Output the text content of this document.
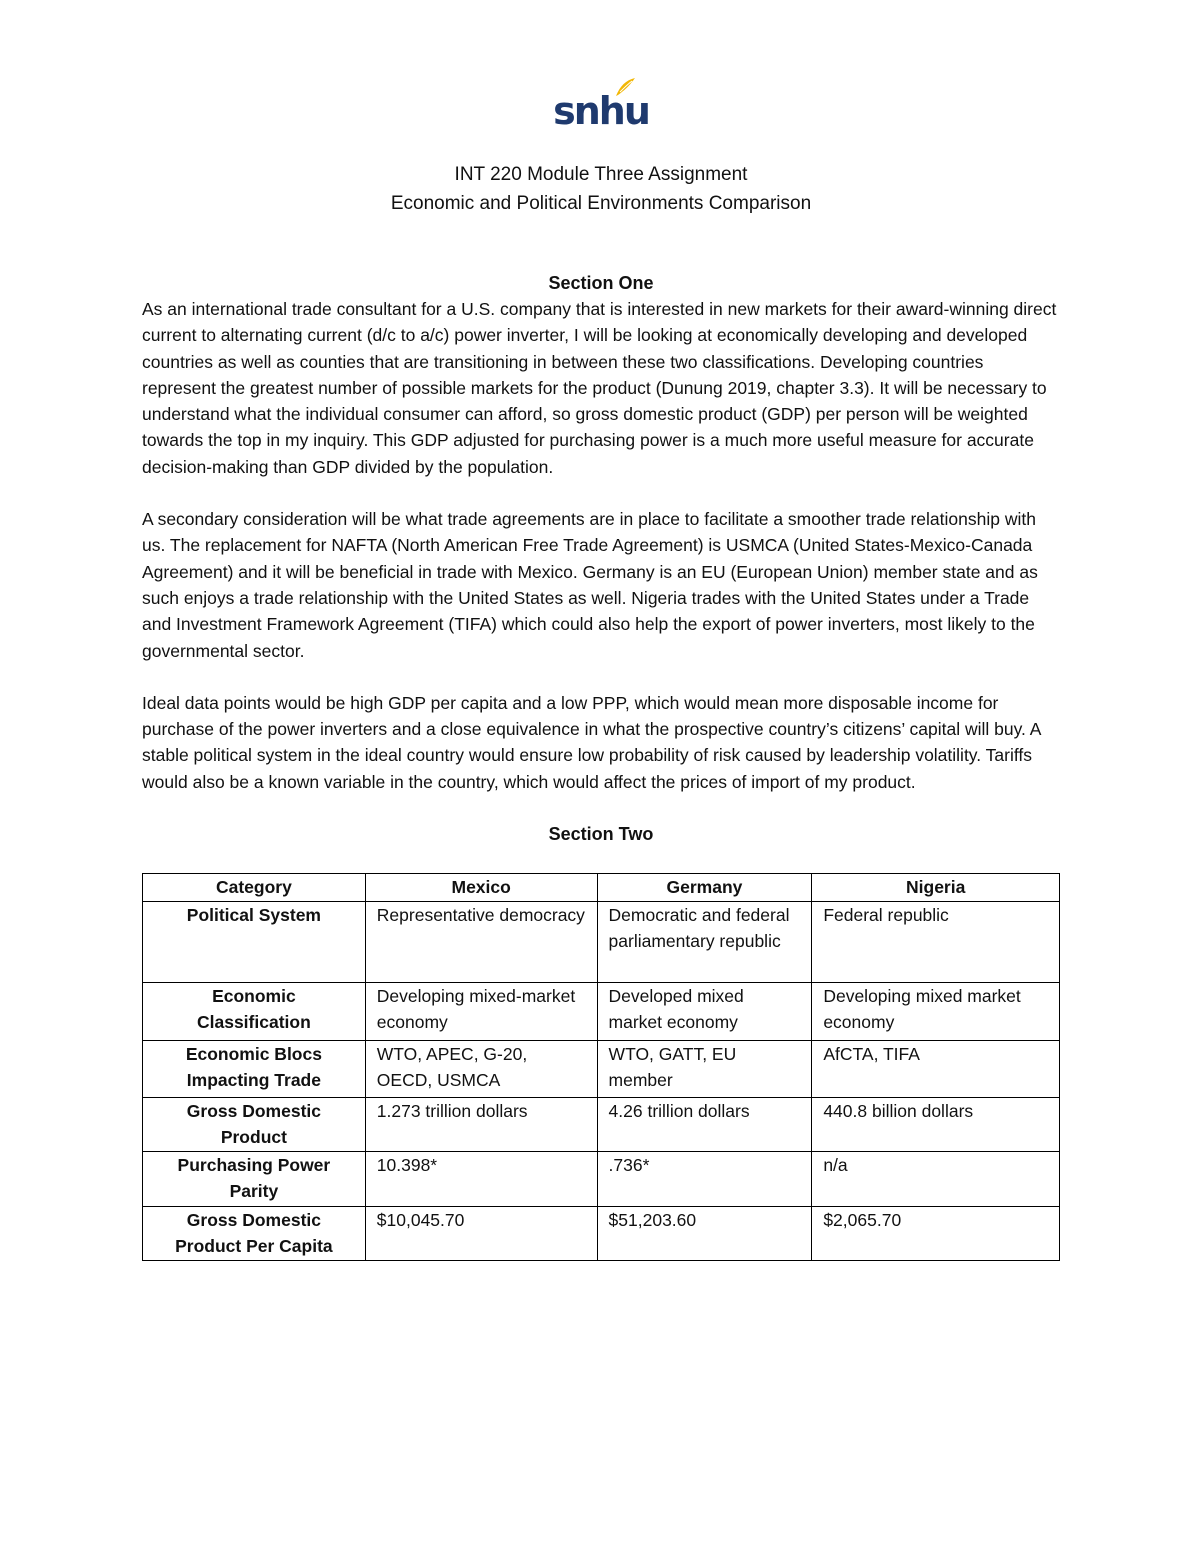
snhu
INT 220 Module Three Assignment
Economic and Political Environments Comparison
Section One

As an international trade consultant for a U.S. company that is interested in new markets for their award-winning direct current to alternating current (d/c to a/c) power inverter, I will be looking at economically developing and developed countries as well as counties that are transitioning in between these two classifications. Developing countries represent the greatest number of possible markets for the product (Dunung 2019, chapter 3.3). It will be necessary to understand what the individual consumer can afford, so gross domestic product (GDP) per person will be weighted towards the top in my inquiry. This GDP adjusted for purchasing power is a much more useful measure for accurate decision-making than GDP divided by the population.

A secondary consideration will be what trade agreements are in place to facilitate a smoother trade relationship with us. The replacement for NAFTA (North American Free Trade Agreement) is USMCA (United States-Mexico-Canada Agreement) and it will be beneficial in trade with Mexico. Germany is an EU (European Union) member state and as such enjoys a trade relationship with the United States as well. Nigeria trades with the United States under a Trade and Investment Framework Agreement (TIFA) which could also help the export of power inverters, most likely to the governmental sector.

Ideal data points would be high GDP per capita and a low PPP, which would mean more disposable income for purchase of the power inverters and a close equivalence in what the prospective country’s citizens’ capital will buy. A stable political system in the ideal country would ensure low probability of risk caused by leadership volatility. Tariffs would also be a known variable in the country, which would affect the prices of import of my product.

Section Two
Category	Mexico	Germany	Nigeria
Political System	Representative democracy	Democratic and federal parliamentary republic	Federal republic
Economic Classification	Developing mixed-market economy	Developed mixed market economy	Developing mixed market economy
Economic Blocs Impacting Trade	WTO, APEC, G-20, OECD, USMCA	WTO, GATT, EU member	AfCTA, TIFA
Gross Domestic Product	1.273 trillion dollars	4.26 trillion dollars	440.8 billion dollars
Purchasing Power Parity	10.398*	.736*	n/a
Gross Domestic Product Per Capita	$10,045.70	$51,203.60	$2,065.70
